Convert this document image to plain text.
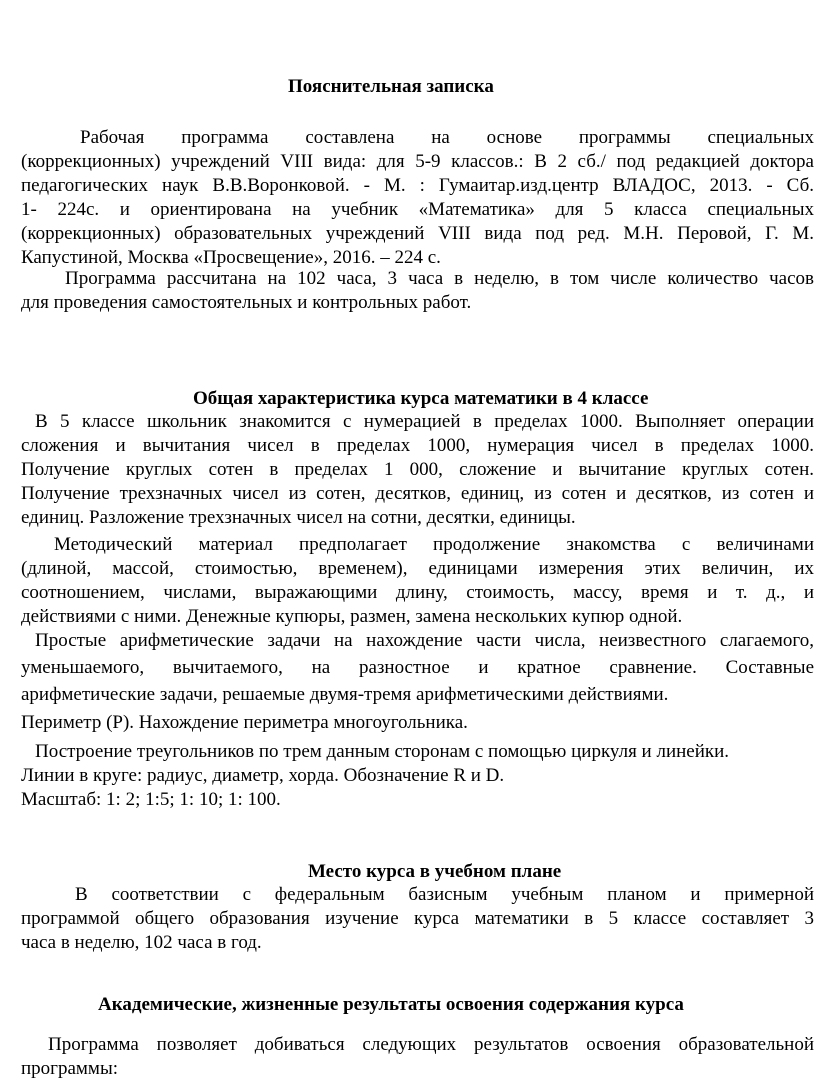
Пояснительная записка
Рабочая программа составлена на основе программы специальных
(коррекционных) учреждений VIII вида: для 5-9 классов.: В 2 сб./ под редакцией доктора
педагогических наук В.В.Воронковой. - М. : Гумаитар.изд.центр ВЛАДОС, 2013. - Сб.
1- 224с. и ориентирована на учебник «Математика» для 5 класса специальных
(коррекционных) образовательных учреждений VIII вида под ред. М.Н. Перовой, Г. М.
Капустиной, Москва «Просвещение», 2016. – 224 с.
Программа рассчитана на 102 часа, 3 часа в неделю, в том числе количество часов
для проведения самостоятельных и контрольных работ.
Общая характеристика курса математики в 4 классе
В 5 классе школьник знакомится с нумерацией в пределах 1000. Выполняет операции
сложения и вычитания чисел в пределах 1000, нумерация чисел в пределах 1000.
Получение круглых сотен в пределах 1 000, сложение и вычитание круглых сотен.
Получение трехзначных чисел из сотен, десятков, единиц, из сотен и десятков, из сотен и
единиц. Разложение трехзначных чисел на сотни, десятки, единицы.
Методический материал предполагает продолжение знакомства с величинами
(длиной, массой, стоимостью, временем), единицами измерения этих величин, их
соотношением, числами, выражающими длину, стоимость, массу, время и т. д., и
действиями с ними. Денежные купюры, размен, замена нескольких купюр одной.
Простые арифметические задачи на нахождение части числа, неизвестного слагаемого,
уменьшаемого, вычитаемого, на разностное и кратное сравнение. Составные
арифметические задачи, решаемые двумя-тремя арифметическими действиями.
Периметр (Р). Нахождение периметра многоугольника.
Построение треугольников по трем данным сторонам с помощью циркуля и линейки.
Линии в круге: радиус, диаметр, хорда. Обозначение R и D.
Масштаб: 1: 2; 1:5; 1: 10; 1: 100.
Место курса в учебном плане
В соответствии с федеральным базисным учебным планом и примерной
программой общего образования изучение курса математики в 5 классе составляет 3
часа в неделю, 102 часа в год.
Академические, жизненные результаты освоения содержания курса
Программа позволяет добиваться следующих результатов освоения образовательной
программы:
